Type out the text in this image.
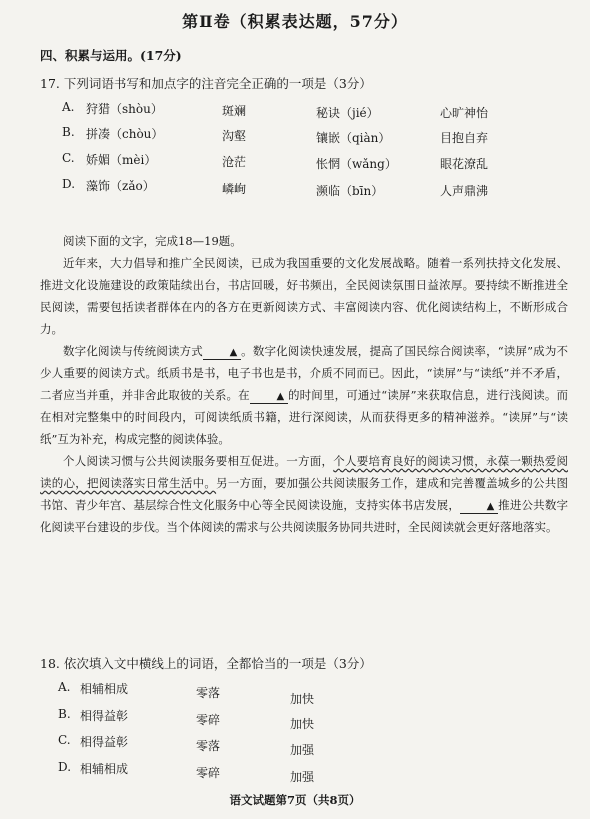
第Ⅱ卷（积累表达题，57分）
四、积累与运用。(17分)
17. 下列词语书写和加点字的注音完全正确的一项是（3分）
A. 狩猎（shòu）	斑斓	秘诀（jié）	心旷神怡
B. 拼凑（chòu）	沟壑	镶嵌（qiàn）	目抱自弃
C. 娇媚（mèi）	沧茫	怅惘（wǎng）	眼花潦乱
D. 藻饰（zǎo）	嶙峋	濒临（bīn）	人声鼎沸

阅读下面的文字，完成18—19题。

近年来，大力倡导和推广全民阅读，已成为我国重要的文化发展战略。随着一系列扶持文化发展、推进文化设施建设的政策陆续出台，书店回暖，好书频出，全民阅读氛围日益浓厚。要持续不断推进全民阅读，需要包括读者群体在内的各方在更新阅读方式、丰富阅读内容、优化阅读结构上，不断形成合力。

数字化阅读与传统阅读方式	▲ 。数字化阅读快速发展，提高了国民综合阅读率，“读屏”成为不少人重要的阅读方式。纸质书是书，电子书也是书，介质不同而已。因此，“读屏”与“读纸”并不矛盾，二者应当并重，并非舍此取彼的关系。在	▲ 的时间里，可通过“读屏”来获取信息，进行浅阅读。而在相对完整集中的时间段内，可阅读纸质书籍，进行深阅读，从而获得更多的精神滋养。“读屏”与“读纸”互为补充，构成完整的阅读体验。

个人阅读习惯与公共阅读服务要相互促进。一方面，个人要培育良好的阅读习惯，永葆一颗热爱阅读的心，把阅读落实日常生活中。另一方面，要加强公共阅读服务工作，建成和完善覆盖城乡的公共图书馆、青少年宫、基层综合性文化服务中心等全民阅读设施，支持实体书店发展，	▲ 推进公共数字化阅读平台建设的步伐。当个体阅读的需求与公共阅读服务协同共进时，全民阅读就会更好落地落实。

18. 依次填入文中横线上的词语，全都恰当的一项是（3分）
A. 相辅相成	零落	加快
B. 相得益彰	零碎	加快
C. 相得益彰	零落	加强
D. 相辅相成	零碎	加强
语文试题第7页（共8页）
